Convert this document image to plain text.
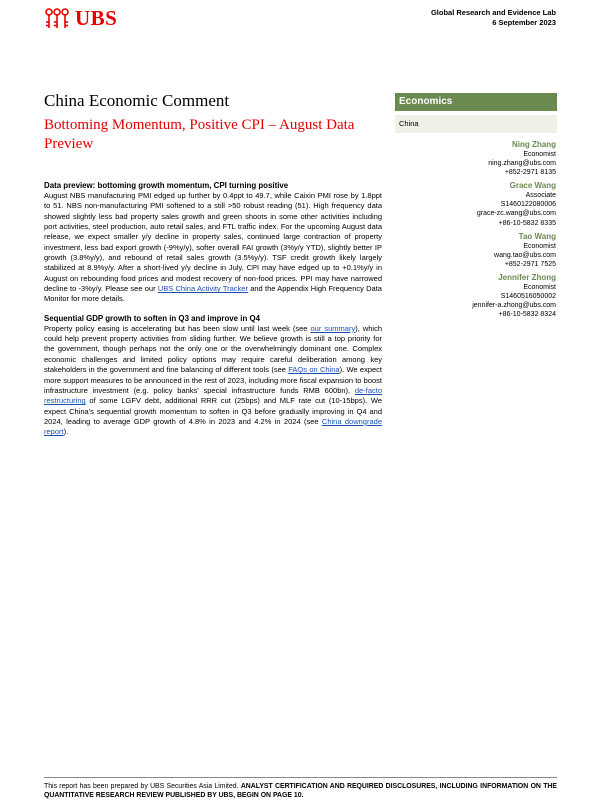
UBS	Global Research and Evidence Lab
6 September 2023
China Economic Comment
Bottoming Momentum, Positive CPI – August Data Preview
Economics
China
Ning Zhang
Economist
ning.zhang@ubs.com
+852-2971 8135
Grace Wang
Associate
S1460122080006
grace-zc.wang@ubs.com
+86-10-5832 8335
Tao Wang
Economist
wang.tao@ubs.com
+852-2971 7525
Jennifer Zhong
Economist
S1460516050002
jennifer-a.zhong@ubs.com
+86-10-5832 8324

Data preview: bottoming growth momentum, CPI turning positive

August NBS manufacturing PMI edged up further by 0.4ppt to 49.7, while Caixin PMI rose by 1.8ppt to 51. NBS non-manufacturing PMI softened to a still >50 robust reading (51). High frequency data showed slightly less bad property sales growth and green shoots in some other activities including port activities, steel production, auto retail sales, and FTL traffic index. For the upcoming August data release, we expect smaller y/y decline in property sales, continued large contraction of property investment, less bad export growth (-9%y/y), softer overall FAI growth (3%y/y YTD), slightly better IP growth (3.8%y/y), and rebound of retail sales growth (3.5%y/y). TSF credit growth likely largely stabilized at 8.9%y/y. After a short-lived y/y decline in July, CPI may have edged up to +0.1%y/y in August on rebounding food prices and modest recovery of non-food prices. PPI may have narrowed decline to -3%y/y. Please see our UBS China Activity Tracker and the Appendix High Frequency Data Monitor for more details.

Sequential GDP growth to soften in Q3 and improve in Q4

Property policy easing is accelerating but has been slow until last week (see our summary), which could help prevent property activities from sliding further. We believe growth is still a top priority for the government, though perhaps not the only one or the overwhelmingly dominant one. Complex economic challenges and limited policy options may require careful deliberation among key stakeholders in the government and fine balancing of different tools (see FAQs on China). We expect more support measures to be announced in the rest of 2023, including more fiscal expansion to boost infrastructure investment (e.g. policy banks' special infrastructure funds RMB 600bn), de-facto restructuring of some LGFV debt, additional RRR cut (25bps) and MLF rate cut (10-15bps). We expect China's sequential growth momentum to soften in Q3 before gradually improving in Q4 and 2024, leading to average GDP growth of 4.8% in 2023 and 4.2% in 2024 (see China downgrade report).

This report has been prepared by UBS Securities Asia Limited. ANALYST CERTIFICATION AND REQUIRED DISCLOSURES, INCLUDING INFORMATION ON THE QUANTITATIVE RESEARCH REVIEW PUBLISHED BY UBS, BEGIN ON PAGE 10.
